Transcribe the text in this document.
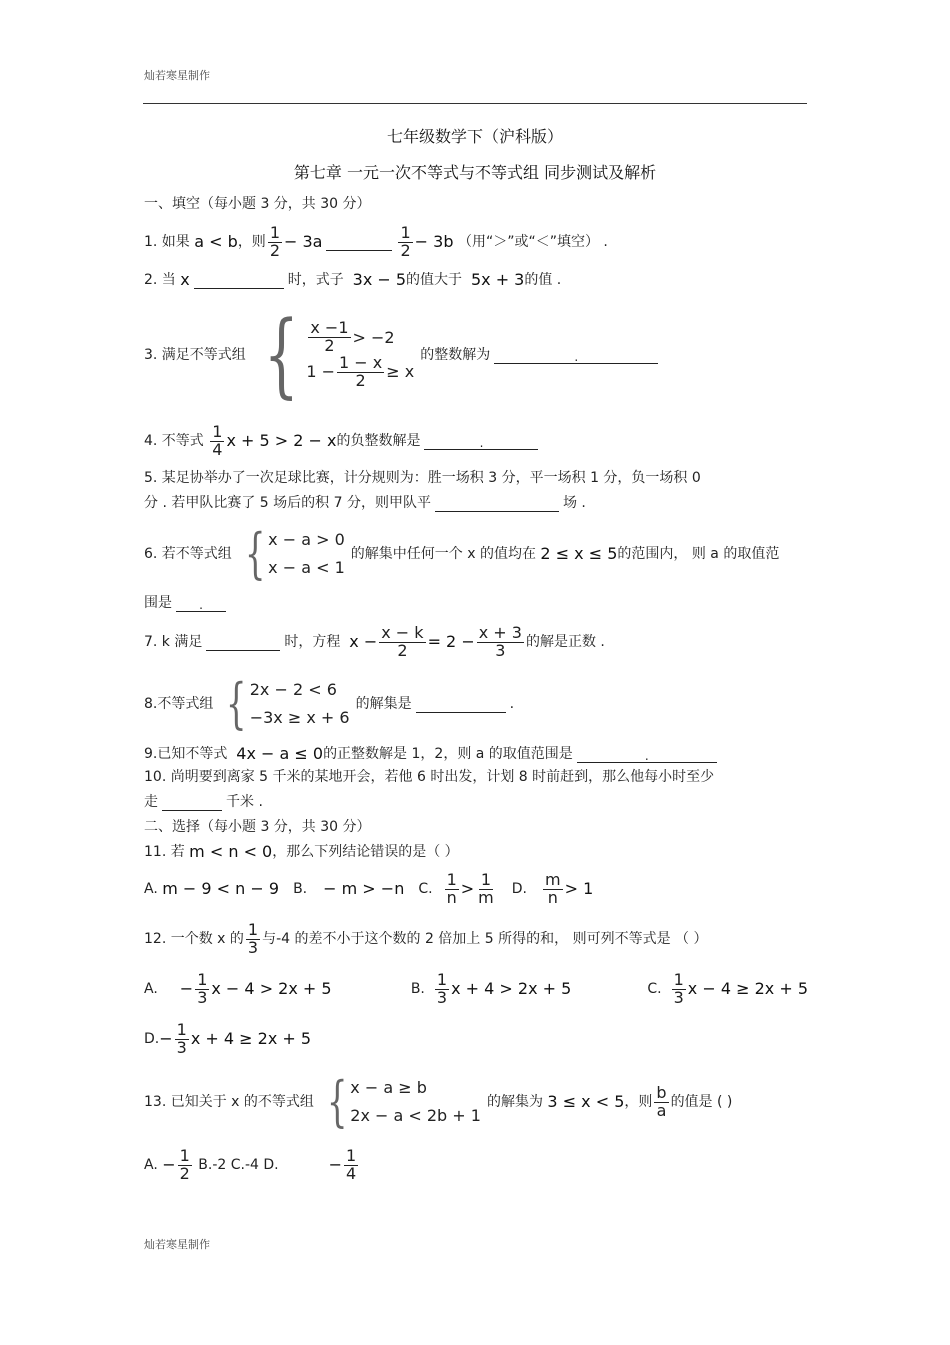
灿若寒星制作
七年级数学下（沪科版）
第七章 一元一次不等式与不等式组 同步测试及解析
一、填空（每小题 3 分，共 30 分）
1. 如果
a < b ，则 $\frac{1}{2} - 3a$	$\frac{1}{2} - 3b$
（用“＞”或“＜”填空） .
2. 当
x	时，式子
3x − 5 的值大于
5x + 3 的值 .
3. 满足不等式组 { $\frac{x -1}{2} > -2$
$1 - \frac{1 - x}{2} \ge x$
的整数解为	.
4. 不等式
$\frac{1}{4}$ x + 5 > 2 − x 的负整数解是	.
5. 某足协举办了一次足球比赛，计分规则为：胜一场积 3 分，平一场积 1 分，负一场积 0
分 . 若甲队比赛了 5 场后的积 7 分，则甲队平	场 .
6. 若不等式组 { x − a > 0
x − a < 1
的解集中任何一个 x 的值均在
2 ≤ x ≤ 5 的范围内， 则 a 的取值范
围是	.
7. k 满足	时，方程
$x - \frac{x - k}{2} = 2 - \frac{x + 3}{3}$ 的解是正数 .
8.不等式组 { 2x − 2 < 6
−3x ≥ x + 6
的解集是	.
9.已知不等式
4x − a ≤ 0 的正整数解是 1，2，则 a 的取值范围是	.
10. 尚明要到离家 5 千米的某地开会，若他 6 时出发，计划 8 时前赶到，那么他每小时至少
走	千米 .
二、选择（每小题 3 分，共 30 分）
11. 若
m < n < 0 ，那么下列结论错误的是（ ）
A.
m − 9 < n − 9 B. − m > −n C. $\frac{1}{n} > \frac{1}{m} D$. $\frac{m}{n} > 1$
12. 一个数 x 的 $\frac{1}{3}$ 与-4 的差不小于这个数的 2 倍加上 5 所得的和， 则可列不等式是 （ ）
A. − $\frac{1}{3}$ x − 4 > 2x + 5	B. $\frac{1}{3}$ x + 4 > 2x + 5	C. $\frac{1}{3}$ x − 4 ≥ 2x + 5
D. − $\frac{1}{3}$ x + 4 ≥ 2x + 5
13. 已知关于 x 的不等式组 { x − a ≥ b
2x − a < 2b + 1
的解集为
3 ≤ x < 5 ，则 $\frac{b}{a}$ 的值是 ( )
A.
− $\frac{1}{2}$
B.-2 C.-4 D.	− $\frac{1}{4}$
灿若寒星制作
